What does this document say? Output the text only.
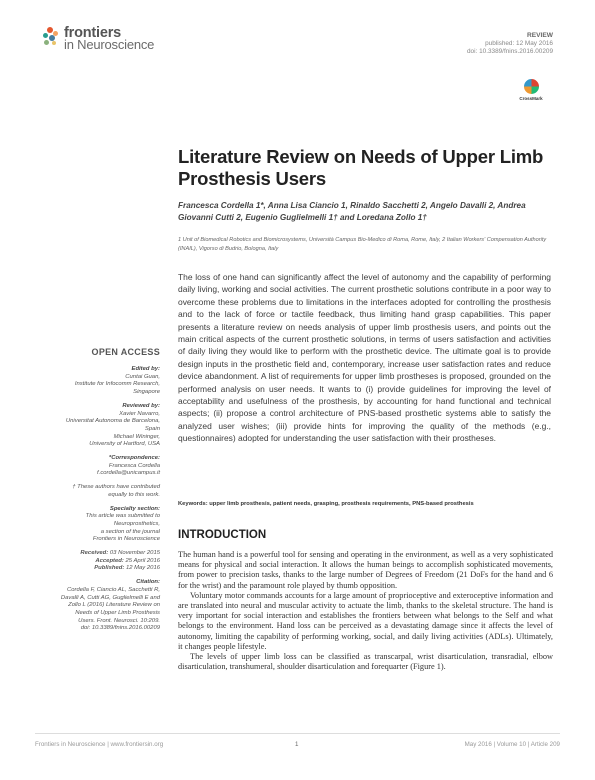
frontiers
in Neuroscience
REVIEW
published: 12 May 2016
doi: 10.3389/fnins.2016.00209
CrossMark
Literature Review on Needs of Upper Limb Prosthesis Users
Francesca Cordella 1*, Anna Lisa Ciancio 1, Rinaldo Sacchetti 2, Angelo Davalli 2, Andrea Giovanni Cutti 2, Eugenio Guglielmelli 1† and Loredana Zollo 1†
1 Unit of Biomedical Robotics and Biomicrosystems, Università Campus Bio-Medico di Roma, Rome, Italy, 2 Italian Workers' Compensation Authority (INAIL), Vigorso di Budrio, Bologna, Italy
The loss of one hand can significantly affect the level of autonomy and the capability of performing daily living, working and social activities. The current prosthetic solutions contribute in a poor way to overcome these problems due to limitations in the interfaces adopted for controlling the prosthesis and to the lack of force or tactile feedback, thus limiting hand grasp capabilities. This paper presents a literature review on needs analysis of upper limb prosthesis users, and points out the main critical aspects of the current prosthetic solutions, in terms of users satisfaction and activities of daily living they would like to perform with the prosthetic device. The ultimate goal is to provide design inputs in the prosthetic field and, contemporary, increase user satisfaction rates and reduce device abandonment. A list of requirements for upper limb prostheses is proposed, grounded on the performed analysis on user needs. It wants to (i) provide guidelines for improving the level of acceptability and usefulness of the prosthesis, by accounting for hand functional and technical aspects; (ii) propose a control architecture of PNS-based prosthetic systems able to satisfy the analyzed user wishes; (iii) provide hints for improving the quality of the methods (e.g., questionnaires) adopted for understanding the user satisfaction with their prostheses.
Keywords: upper limb prosthesis, patient needs, grasping, prosthesis requirements, PNS-based prosthesis
INTRODUCTION

The human hand is a powerful tool for sensing and operating in the environment, as well as a very sophisticated means for physical and social interaction. It allows the human beings to accomplish sophisticated movements, from power to precision tasks, thanks to the large number of Degrees of Freedom (21 DoFs for the hand and 6 for the wrist) and the paramount role played by thumb opposition.

Voluntary motor commands accounts for a large amount of proprioceptive and exteroceptive information and are translated into neural and muscular activity to actuate the limb, thanks to the skeletal structure. The hand is very important for social interaction and establishes the frontiers between what belongs to the Self and what belongs to the environment. Hand loss can be perceived as a devastating damage since it affects the level of autonomy, limiting the capability of performing working, social, and daily living activities (ADLs). Ultimately, it changes people lifestyle.

The levels of upper limb loss can be classified as transcarpal, wrist disarticulation, transradial, elbow disarticulation, transhumeral, shoulder disarticulation and forequarter (Figure 1).

OPEN ACCESS
Edited by:
Cuntai Guan,
Institute for Infocomm Research,
Singapore
Reviewed by:
Xavier Navarro,
Universitat Autonoma de Barcelona,
Spain
Michael Wininger,
University of Hartford, USA
*Correspondence:
Francesca Cordella
f.cordella@unicampus.it
† These authors have contributed
equally to this work.
Specialty section:
This article was submitted to
Neuroprosthetics,
a section of the journal
Frontiers in Neuroscience
Received: 03 November 2015
Accepted: 25 April 2016
Published: 12 May 2016
Citation:
Cordella F, Ciancio AL, Sacchetti R,
Davalli A, Cutti AG, Guglielmelli E and
Zollo L (2016) Literature Review on
Needs of Upper Limb Prosthesis
Users. Front. Neurosci. 10:209.
doi: 10.3389/fnins.2016.00209
Frontiers in Neuroscience | www.frontiersin.org	1	May 2016 | Volume 10 | Article 209
